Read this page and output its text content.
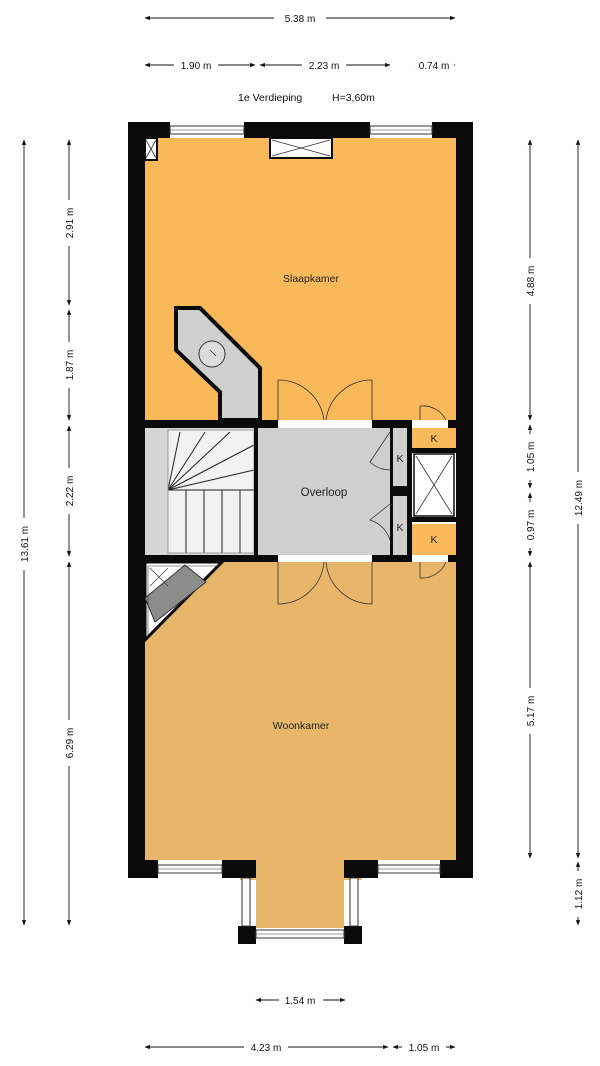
5.38 m
1.90 m	2.23 m	0.74 m
13.61 m
2.91 m
1.87 m
2.22 m
6.29 m
4.88 m
1.05 m
0.97 m
5.17 m
12.49 m
1.12 m
1.54 m
4.23 m	1.05 m
1e Verdieping	H=3,60m
Slaapkamer
Overloop
Woonkamer
K
K
K
K
